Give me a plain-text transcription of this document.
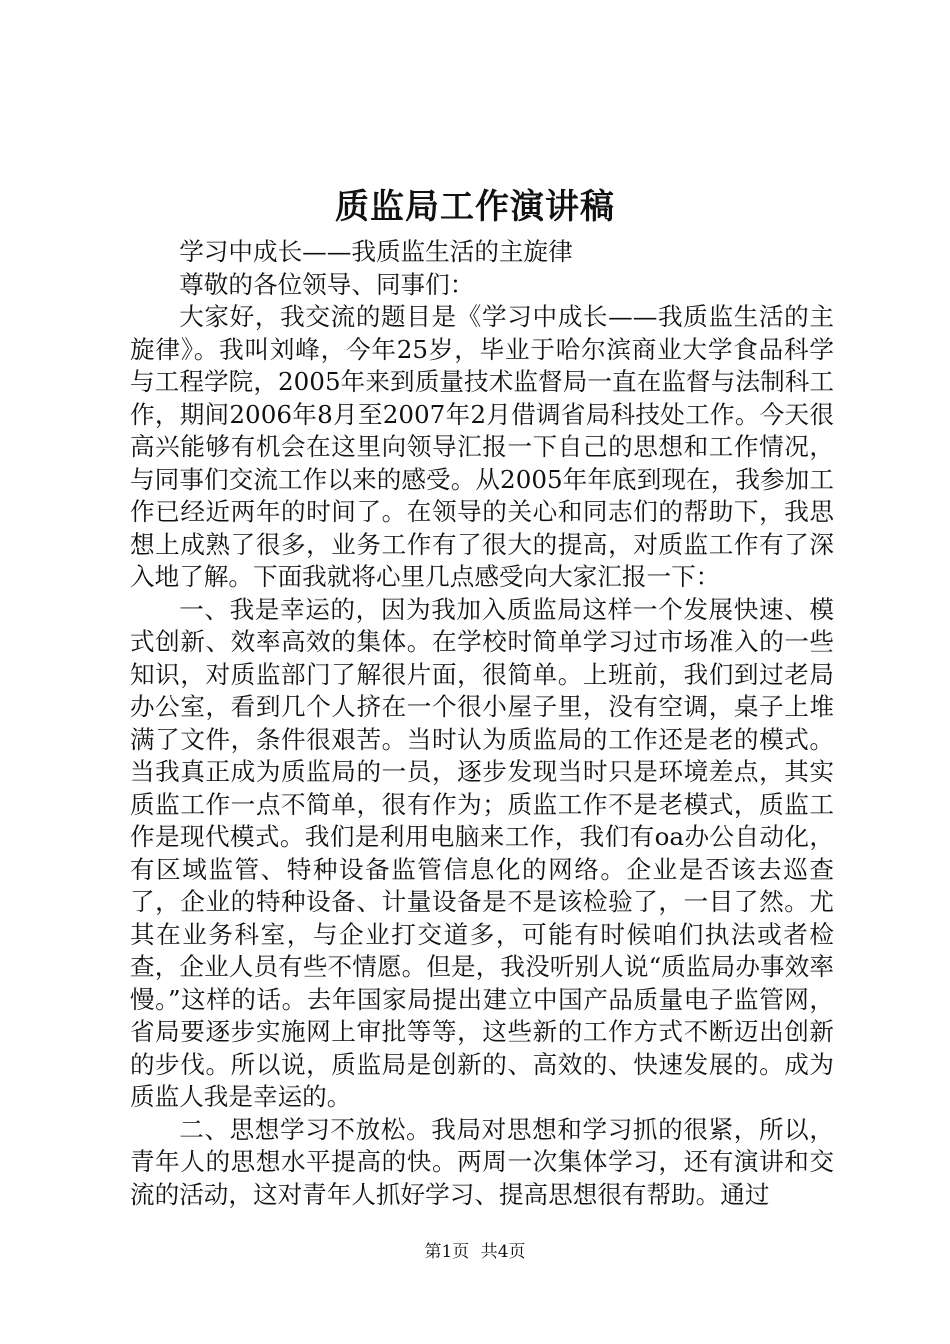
质监局工作演讲稿

学习中成长——我质监生活的主旋律

尊敬的各位领导、同事们：

大家好，我交流的题目是《学习中成长——我质监生活的主旋律》。我叫刘峰，今年25岁，毕业于哈尔滨商业大学食品科学与工程学院，2005年来到质量技术监督局一直在监督与法制科工作，期间2006年8月至2007年2月借调省局科技处工作。今天很高兴能够有机会在这里向领导汇报一下自己的思想和工作情况，与同事们交流工作以来的感受。从2005年年底到现在，我参加工作已经近两年的时间了。在领导的关心和同志们的帮助下，我思想上成熟了很多，业务工作有了很大的提高，对质监工作有了深入地了解。下面我就将心里几点感受向大家汇报一下：

一、我是幸运的，因为我加入质监局这样一个发展快速、模式创新、效率高效的集体。在学校时简单学习过市场准入的一些知识，对质监部门了解很片面，很简单。上班前，我们到过老局办公室，看到几个人挤在一个很小屋子里，没有空调，桌子上堆满了文件，条件很艰苦。当时认为质监局的工作还是老的模式。当我真正成为质监局的一员，逐步发现当时只是环境差点，其实质监工作一点不简单，很有作为；质监工作不是老模式，质监工作是现代模式。我们是利用电脑来工作，我们有oa办公自动化，有区域监管、特种设备监管信息化的网络。企业是否该去巡查了，企业的特种设备、计量设备是不是该检验了，一目了然。尤其在业务科室，与企业打交道多，可能有时候咱们执法或者检查，企业人员有些不情愿。但是，我没听别人说“质监局办事效率慢。”这样的话。去年国家局提出建立中国产品质量电子监管网，省局要逐步实施网上审批等等，这些新的工作方式不断迈出创新的步伐。所以说，质监局是创新的、高效的、快速发展的。成为质监人我是幸运的。

二、思想学习不放松。我局对思想和学习抓的很紧，所以，青年人的思想水平提高的快。两周一次集体学习，还有演讲和交流的活动，这对青年人抓好学习、提高思想很有帮助。通过

第1页 共4页
